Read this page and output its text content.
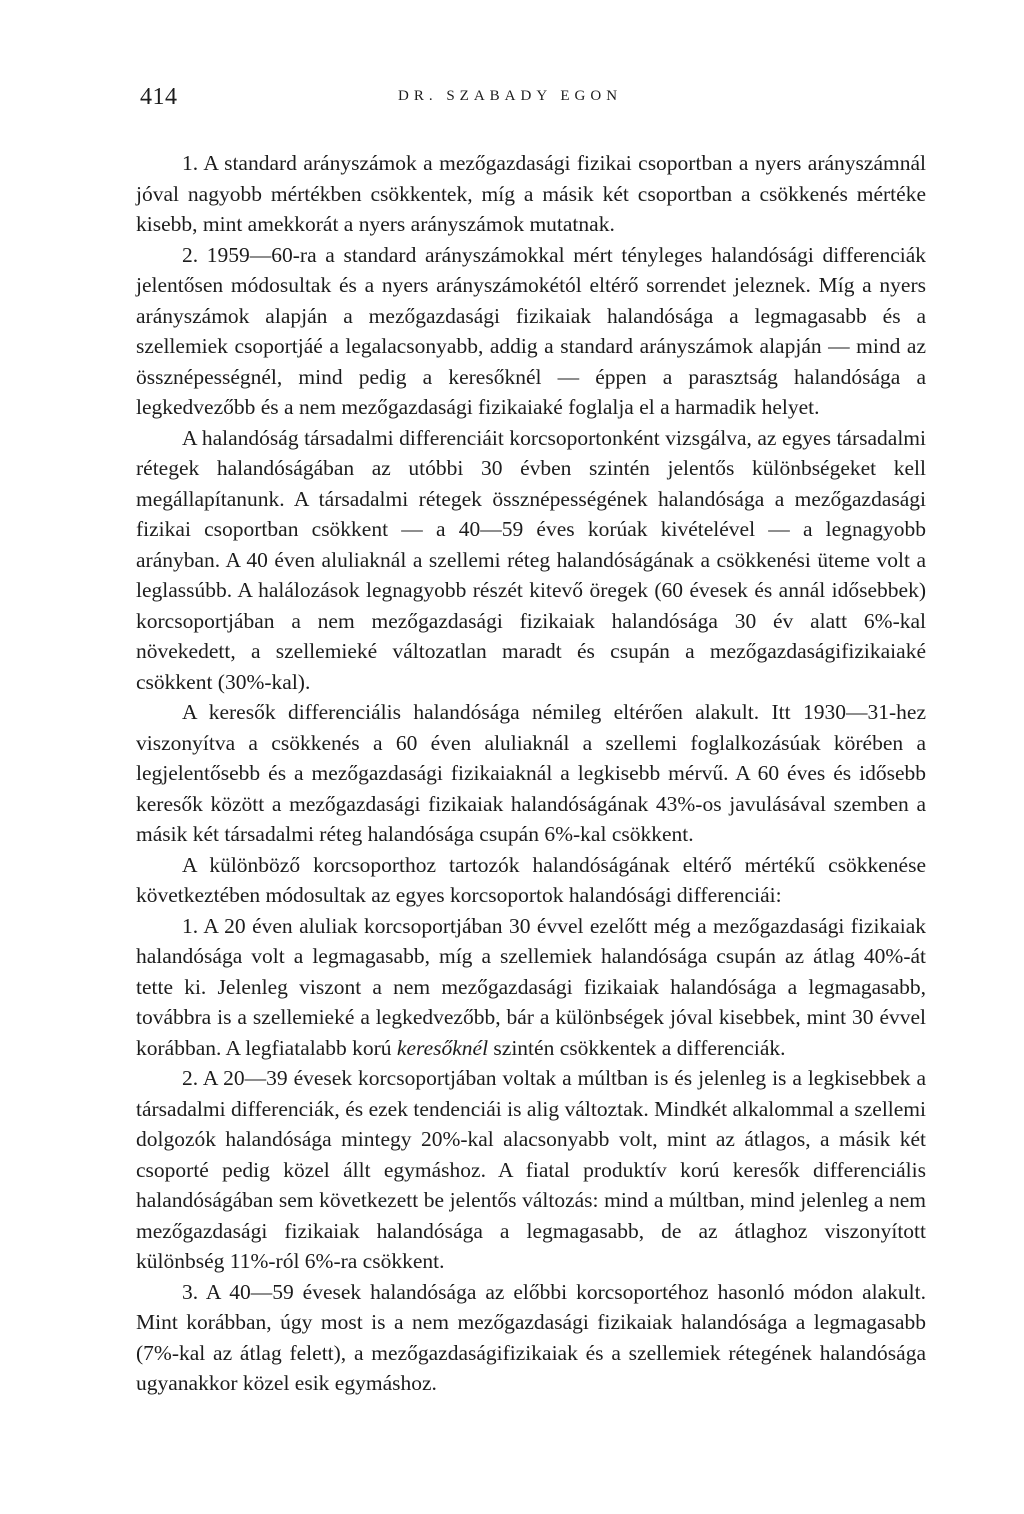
414	DR. SZABADY EGON

1. A standard arányszámok a mezőgazdasági fizikai csoportban a nyers arányszámnál jóval nagyobb mértékben csökkentek, míg a másik két csoportban a csökkenés mértéke kisebb, mint amekkorát a nyers arányszámok mutatnak.

2. 1959—60-ra a standard arányszámokkal mért tényleges halandósági differenciák jelentősen módosultak és a nyers arányszámokétól eltérő sorrendet jeleznek. Míg a nyers arányszámok alapján a mezőgazdasági fizikaiak halandósága a legmagasabb és a szellemiek csoportjáé a legalacsonyabb, addig a standard arányszámok alapján — mind az össznépességnél, mind pedig a keresőknél — éppen a parasztság halandósága a legkedvezőbb és a nem mezőgazdasági fizikaiaké foglalja el a harmadik helyet.

A halandóság társadalmi differenciáit korcsoportonként vizsgálva, az egyes társadalmi rétegek halandóságában az utóbbi 30 évben szintén jelentős különbségeket kell megállapítanunk. A társadalmi rétegek össznépességének halandósága a mezőgazdasági fizikai csoportban csökkent — a 40—59 éves korúak kivételével — a legnagyobb arányban. A 40 éven aluliaknál a szellemi réteg halandóságának a csökkenési üteme volt a leglassúbb. A halálozások legnagyobb részét kitevő öregek (60 évesek és annál idősebbek) korcsoportjában a nem mezőgazdasági fizikaiak halandósága 30 év alatt 6%-kal növekedett, a szellemieké változatlan maradt és csupán a mezőgazdaságifizikaiaké csökkent (30%-kal).

A keresők differenciális halandósága némileg eltérően alakult. Itt 1930—31-hez viszonyítva a csökkenés a 60 éven aluliaknál a szellemi foglalkozásúak körében a legjelentősebb és a mezőgazdasági fizikaiaknál a legkisebb mérvű. A 60 éves és idősebb keresők között a mezőgazdasági fizikaiak halandóságának 43%-os javulásával szemben a másik két társadalmi réteg halandósága csupán 6%-kal csökkent.

A különböző korcsoporthoz tartozók halandóságának eltérő mértékű csökkenése következtében módosultak az egyes korcsoportok halandósági differenciái:

1. A 20 éven aluliak korcsoportjában 30 évvel ezelőtt még a mezőgazdasági fizikaiak halandósága volt a legmagasabb, míg a szellemiek halandósága csupán az átlag 40%-át tette ki. Jelenleg viszont a nem mezőgazdasági fizikaiak halandósága a legmagasabb, továbbra is a szellemieké a legkedvezőbb, bár a különbségek jóval kisebbek, mint 30 évvel korábban. A legfiatalabb korú keresőknél szintén csökkentek a differenciák.

2. A 20—39 évesek korcsoportjában voltak a múltban is és jelenleg is a legkisebbek a társadalmi differenciák, és ezek tendenciái is alig változtak. Mindkét alkalommal a szellemi dolgozók halandósága mintegy 20%-kal alacsonyabb volt, mint az átlagos, a másik két csoporté pedig közel állt egymáshoz. A fiatal produktív korú keresők differenciális halandóságában sem következett be jelentős változás: mind a múltban, mind jelenleg a nem mezőgazdasági fizikaiak halandósága a legmagasabb, de az átlaghoz viszonyított különbség 11%-ról 6%-ra csökkent.

3. A 40—59 évesek halandósága az előbbi korcsoportéhoz hasonló módon alakult. Mint korábban, úgy most is a nem mezőgazdasági fizikaiak halandósága a legmagasabb (7%-kal az átlag felett), a mezőgazdaságifizikaiak és a szellemiek rétegének halandósága ugyanakkor közel esik egymáshoz.
